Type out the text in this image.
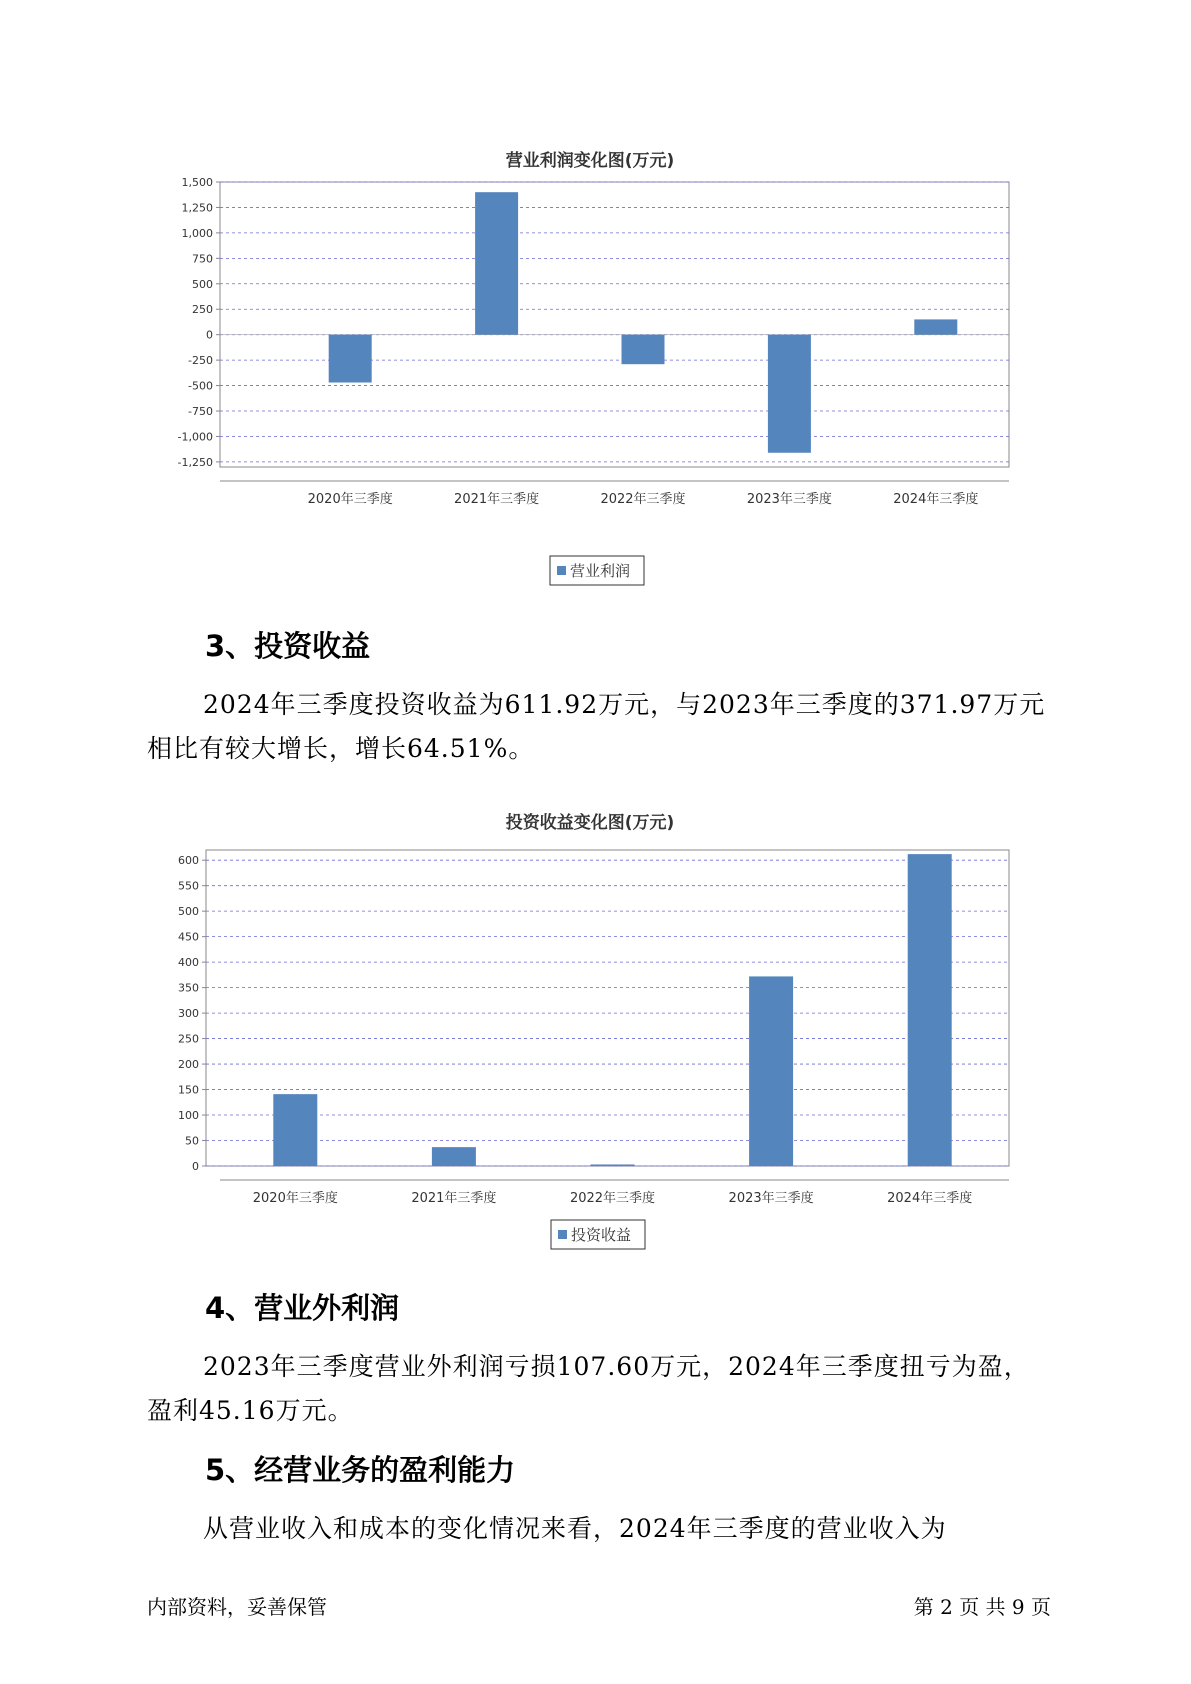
营业利润变化图(万元)
1,500
1,250
1,000
750
500
250
0
-250
-500
-750
-1,000
-1,250
2020年三季度	2021年三季度	2022年三季度	2023年三季度	2024年三季度
营业利润
3、投资收益

2024年三季度投资收益为611.92万元，与2023年三季度的371.97万元

相比有较大增长，增长64.51%。

投资收益变化图(万元)
600
550
500
450
400
350
300
250
200
150
100
50
0
2020年三季度	2021年三季度	2022年三季度	2023年三季度	2024年三季度
投资收益
4、营业外利润

2023年三季度营业外利润亏损107.60万元，2024年三季度扭亏为盈，

盈利45.16万元。

5、经营业务的盈利能力

从营业收入和成本的变化情况来看，2024年三季度的营业收入为

内部资料，妥善保管	第 2 页 共 9 页
